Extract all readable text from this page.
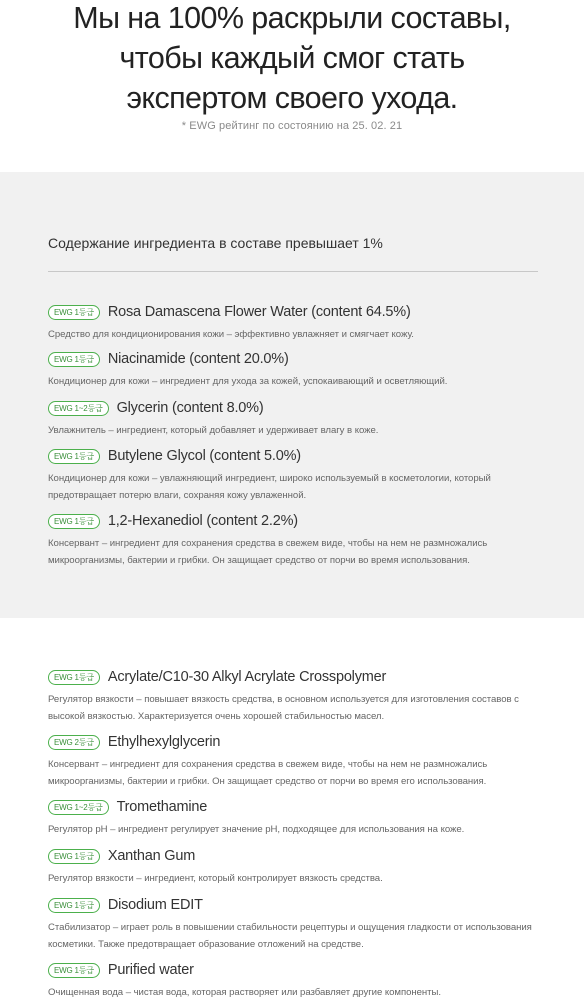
Мы на 100% раскрыли составы,
чтобы каждый смог стать
экспертом своего ухода.
* EWG рейтинг по состоянию на 25. 02. 21
Содержание ингредиента в составе превышает 1%
EWG 1등급 Rosa Damascena Flower Water (content 64.5%)
Средство для кондиционирования кожи – эффективно увлажняет и смягчает кожу.
EWG 1등급 Niacinamide (content 20.0%)
Кондиционер для кожи – ингредиент для ухода за кожей, успокаивающий и осветляющий.
EWG 1~2등급 Glycerin (content 8.0%)
Увлажнитель – ингредиент, который добавляет и удерживает влагу в коже.
EWG 1등급 Butylene Glycol (content 5.0%)
Кондиционер для кожи – увлажняющий ингредиент, широко используемый в косметологии, который предотвращает потерю влаги, сохраняя кожу увлаженной.
EWG 1등급 1,2-Hexanediol (content 2.2%)
Консервант – ингредиент для сохранения средства в свежем виде, чтобы на нем не размножались микроорганизмы, бактерии и грибки. Он защищает средство от порчи во время использования.
EWG 1등급 Acrylate/C10-30 Alkyl Acrylate Crosspolymer
Регулятор вязкости – повышает вязкость средства, в основном используется для изготовления составов с высокой вязкостью. Характеризуется очень хорошей стабильностью масел.
EWG 2등급 Ethylhexylglycerin
Консервант – ингредиент для сохранения средства в свежем виде, чтобы на нем не размножались микроорганизмы, бактерии и грибки. Он защищает средство от порчи во время его использования.
EWG 1~2등급 Tromethamine
Регулятор pH – ингредиент регулирует значение pH, подходящее для использования на коже.
EWG 1등급 Xanthan Gum
Регулятор вязкости – ингредиент, который контролирует вязкость средства.
EWG 1등급 Disodium EDIT
Стабилизатор – играет роль в повышении стабильности рецептуры и ощущения гладкости от использования косметики. Также предотвращает образование отложений на средстве.
EWG 1등급 Purified water
Очищенная вода – чистая вода, которая растворяет или разбавляет другие компоненты.
